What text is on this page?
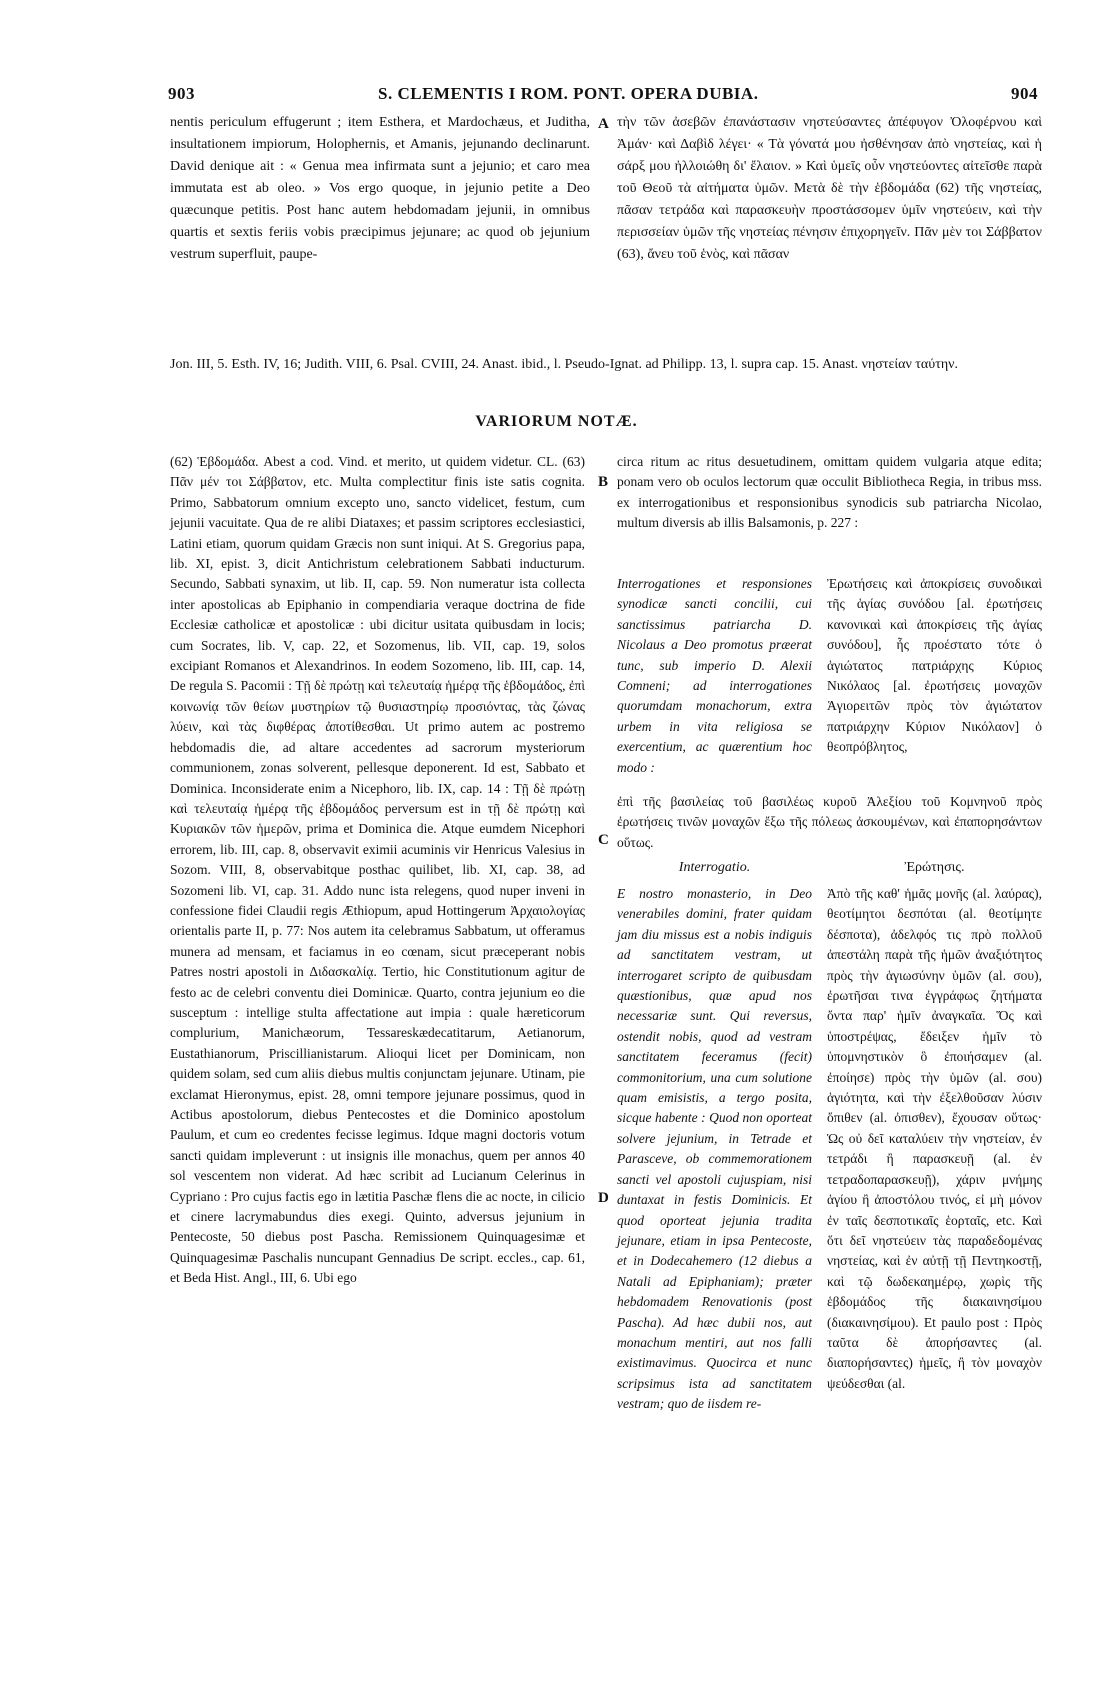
903	S. CLEMENTIS I ROM. PONT. OPERA DUBIA.	904

nentis periculum effugerunt ; item Esthera, et Mardochæus, et Juditha, insultationem impiorum, Holophernis, et Amanis, jejunando declinarunt. David denique ait : « Genua mea infirmata sunt a jejunio; et caro mea immutata est ab oleo. » Vos ergo quoque, in jejunio petite a Deo quæcunque petitis. Post hanc autem hebdomadam jejunii, in omnibus quartis et sextis feriis vobis præcipimus jejunare; ac quod ob jejunium vestrum superfluit, paupe-

A τὴν τῶν ἀσεβῶν ἐπανάστασιν νηστεύσαντες ἀπέφυγον Ὀλοφέρνου καὶ Ἀμάν· καὶ Δαβὶδ λέγει· « Τὰ γόνατά μου ἠσθένησαν ἀπὸ νηστείας, καὶ ἡ σάρξ μου ἠλλοιώθη δι' ἔλαιον. » Καὶ ὑμεῖς οὖν νηστεύοντες αἰτεῖσθε παρὰ τοῦ Θεοῦ τὰ αἰτήματα ὑμῶν. Μετὰ δὲ τὴν ἑβδομάδα (62) τῆς νηστείας, πᾶσαν τετράδα καὶ παρασκευὴν προστάσσομεν ὑμῖν νηστεύειν, καὶ τὴν περισσείαν ὑμῶν τῆς νηστείας πένησιν ἐπιχορηγεῖν. Πᾶν μὲν τοι Σάββατον (63), ἄνευ τοῦ ἑνὸς, καὶ πᾶσαν

Jon. III, 5. Esth. IV, 16; Judith. VIII, 6. Psal. CVIII, 24. Anast. ibid., l. Pseudo-Ignat. ad Philipp. 13, l. supra cap. 15. Anast. νηστείαν ταύτην.
VARIORUM NOTÆ.

(62) Ἑβδομάδα. Abest a cod. Vind. et merito, ut quidem videtur. CL. (63) Πᾶν μέν τοι Σάββατον, etc. Multa complectitur finis iste satis cognita. Primo, Sabbatorum omnium excepto uno, sancto videlicet, festum, cum jejunii vacuitate. Qua de re alibi Diataxes; et passim scriptores ecclesiastici, Latini etiam, quorum quidam Græcis non sunt iniqui. At S. Gregorius papa, lib. XI, epist. 3, dicit Antichristum celebrationem Sabbati inducturum. Secundo, Sabbati synaxim, ut lib. II, cap. 59. Non numeratur ista collecta inter apostolicas ab Epiphanio in compendiaria veraque doctrina de fide Ecclesiæ catholicæ et apostolicæ : ubi dicitur usitata quibusdam in locis; cum Socrates, lib. V, cap. 22, et Sozomenus, lib. VII, cap. 19, solos excipiant Romanos et Alexandrinos. In eodem Sozomeno, lib. III, cap. 14, De regula S. Pacomii : Τῇ δὲ πρώτῃ καὶ τελευταίᾳ ἡμέρᾳ τῆς ἑβδομάδος, ἐπὶ κοινωνίᾳ τῶν θείων μυστηρίων τῷ θυσιαστηρίῳ προσιόντας, τὰς ζώνας λύειν, καὶ τὰς διφθέρας ἀποτίθεσθαι. Ut primo autem ac postremo hebdomadis die, ad altare accedentes ad sacrorum mysteriorum communionem, zonas solverent, pellesque deponerent. Id est, Sabbato et Dominica. Inconsiderate enim a Nicephoro, lib. IX, cap. 14 : Τῇ δὲ πρώτῃ καὶ τελευταίᾳ ἡμέρᾳ τῆς ἑβδομάδος perversum est in τῇ δὲ πρώτῃ καὶ Κυριακῶν τῶν ἡμερῶν, prima et Dominica die. Atque eumdem Nicephori errorem, lib. III, cap. 8, observavit eximii acuminis vir Henricus Valesius in Sozom. VIII, 8, observabitque posthac quilibet, lib. XI, cap. 38, ad Sozomeni lib. VI, cap. 31. Addo nunc ista relegens, quod nuper inveni in confessione fidei Claudii regis Æthiopum, apud Hottingerum Ἀρχαιολογίας orientalis parte II, p. 77: Nos autem ita celebramus Sabbatum, ut offeramus munera ad mensam, et faciamus in eo cœnam, sicut præceperant nobis Patres nostri apostoli in Διδασκαλίᾳ. Tertio, hic Constitutionum agitur de festo ac de celebri conventu diei Dominicæ. Quarto, contra jejunium eo die susceptum : intellige stulta affectatione aut impia : quale hæreticorum complurium, Manichæorum, Tessareskædecatitarum, Aetianorum, Eustathianorum, Priscillianistarum. Alioqui licet per Dominicam, non quidem solam, sed cum aliis diebus multis conjunctam jejunare. Utinam, pie exclamat Hieronymus, epist. 28, omni tempore jejunare possimus, quod in Actibus apostolorum, diebus Pentecostes et die Dominico apostolum Paulum, et cum eo credentes fecisse legimus. Idque magni doctoris votum sancti quidam impleverunt : ut insignis ille monachus, quem per annos 40 sol vescentem non viderat. Ad hæc scribit ad Lucianum Celerinus in Cypriano : Pro cujus factis ego in lætitia Paschæ flens die ac nocte, in cilicio et cinere lacrymabundus dies exegi. Quinto, adversus jejunium in Pentecoste, 50 diebus post Pascha. Remissionem Quinquagesimæ et Quinquagesimæ Paschalis nuncupant Gennadius De script. eccles., cap. 61, et Beda Hist. Angl., III, 6. Ubi ego

B
C
D

circa ritum ac ritus desuetudinem, omittam quidem vulgaria atque edita; ponam vero ob oculos lectorum quæ occulit Bibliotheca Regia, in tribus mss. ex interrogationibus et responsionibus synodicis sub patriarcha Nicolao, multum diversis ab illis Balsamonis, p. 227 :

Interrogationes et responsiones synodicæ sancti concilii, cui sanctissimus patriarcha D. Nicolaus a Deo promotus præerat tunc, sub imperio D. Alexii Comneni; ad interrogationes quorumdam monachorum, extra urbem in vita religiosa se exercentium, ac quærentium hoc modo :
Ἐρωτήσεις καὶ ἀποκρίσεις συνοδικαὶ τῆς ἁγίας συνόδου [al. ἐρωτήσεις κανονικαὶ καὶ ἀποκρίσεις τῆς ἁγίας συνόδου], ἧς προέστατο τότε ὁ ἁγιώτατος πατριάρχης Κύριος Νικόλαος [al. ἐρωτήσεις μοναχῶν Ἁγιορειτῶν πρὸς τὸν ἁγιώτατον πατριάρχην Κύριον Νικόλαον] ὁ θεοπρόβλητος,
ἐπὶ τῆς βασιλείας τοῦ βασιλέως κυροῦ Ἀλεξίου τοῦ Κομνηνοῦ πρὸς ἐρωτήσεις τινῶν μοναχῶν ἔξω τῆς πόλεως ἀσκουμένων, καὶ ἐπαπορησάντων οὕτως.
Interrogatio.	Ἐρώτησις.
E nostro monasterio, in Deo venerabiles domini, frater quidam jam diu missus est a nobis indiguis ad sanctitatem vestram, ut interrogaret scripto de quibusdam quæstionibus, quæ apud nos necessariæ sunt. Qui reversus, ostendit nobis, quod ad vestram sanctitatem feceramus (fecit) commonitorium, una cum solutione quam emisistis, a tergo posita, sicque habente : Quod non oporteat solvere jejunium, in Tetrade et Parasceve, ob commemorationem sancti vel apostoli cujuspiam, nisi duntaxat in festis Dominicis. Et quod oporteat jejunia tradita jejunare, etiam in ipsa Pentecoste, et in Dodecahemero (12 diebus a Natali ad Epiphaniam); præter hebdomadem Renovationis (post Pascha). Ad hæc dubii nos, aut monachum mentiri, aut nos falli existimavimus. Quocirca et nunc scripsimus ista ad sanctitatem vestram; quo de iisdem re-
Ἀπὸ τῆς καθ' ἡμᾶς μονῆς (al. λαύρας), θεοτίμητοι δεσπόται (al. θεοτίμητε δέσποτα), ἀδελφός τις πρὸ πολλοῦ ἀπεστάλη παρὰ τῆς ἡμῶν ἀναξιότητος πρὸς τὴν ἁγιωσύνην ὑμῶν (al. σου), ἐρωτῆσαι τινα ἐγγράφως ζητήματα ὄντα παρ' ἡμῖν ἀναγκαῖα. Ὅς καὶ ὑποστρέψας, ἔδειξεν ἡμῖν τὸ ὑπομνηστικὸν ὃ ἐποιήσαμεν (al. ἐποίησε) πρὸς τὴν ὑμῶν (al. σου) ἁγιότητα, καὶ τὴν ἐξελθοῦσαν λύσιν ὄπιθεν (al. ὀπισθεν), ἔχουσαν οὕτως· Ὡς οὐ δεῖ καταλύειν τὴν νηστείαν, ἐν τετράδι ἢ παρασκευῇ (al. ἐν τετραδοπαρασκευῇ), χάριν μνήμης ἁγίου ἢ ἀποστόλου τινός, εἰ μὴ μόνον ἐν ταῖς δεσποτικαῖς ἑορταῖς, etc. Καὶ ὅτι δεῖ νηστεύειν τὰς παραδεδομένας νηστείας, καὶ ἐν αὐτῇ τῇ Πεντηκοστῇ, καὶ τῷ δωδεκαημέρῳ, χωρὶς τῆς ἑβδομάδος τῆς διακαινησίμου (διακαινησίμου). Et paulo post : Πρὸς ταῦτα δὲ ἀπορήσαντες (al. διαπορήσαντες) ἡμεῖς, ἢ τὸν μοναχὸν ψεύδεσθαι (al.
